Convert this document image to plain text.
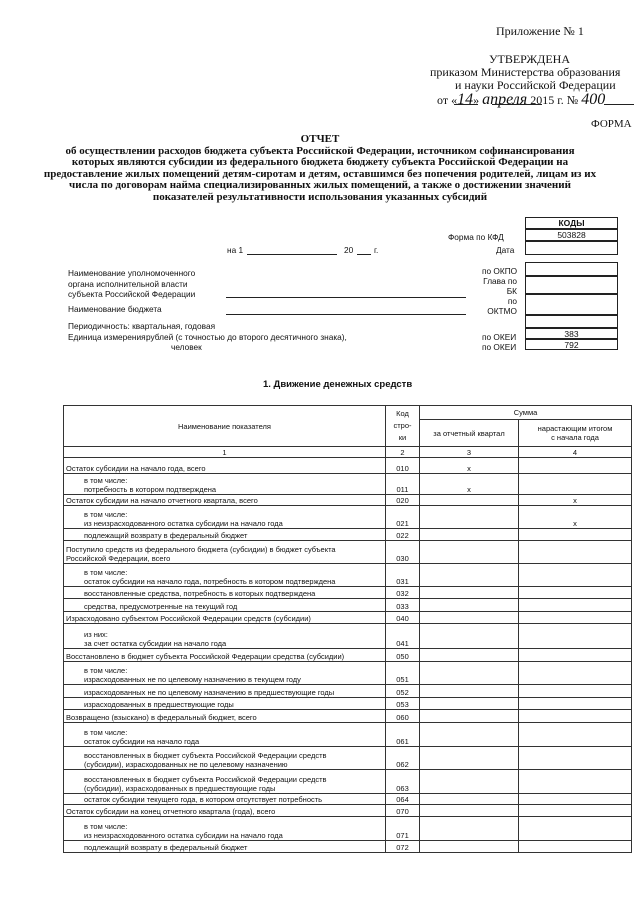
Приложение № 1
УТВЕРЖДЕНА
приказом Министерства образования
и науки Российской Федерации
от «14» апреля 2015 г. № 400
ФОРМА
ОТЧЕТ
об осуществлении расходов бюджета субъекта Российской Федерации, источником софинансирования
которых являются субсидии из федерального бюджета бюджету субъекта Российской Федерации на
предоставление жилых помещений детям-сиротам и детям, оставшимся без попечения родителей, лицам из их
числа по договорам найма специализированных жилых помещений, а также о достижении значений
показателей результативности использования указанных субсидий
КОДЫ
Форма по КФД	503828
Дата
на 1	20	г.
Наименование уполномоченного
органа исполнительной власти
субъекта Российской Федерации
Наименование бюджета
по ОКПО
Глава по
БК
по
ОКТМО
Периодичность: квартальная, годовая
Единица измерения:
рублей (с точностью до второго десятичного знака),
человек
по ОКЕИ	383
по ОКЕИ	792
1. Движение денежных средств
Наименование показателя	Код
стро-
ки	Сумма	
		за отчетный квартал	нарастающим итогом
с начала года

1	2	3	4

Остаток субсидии на начало года, всего	010	x	

в том числе:
потребность в котором подтверждена	011	x	

Остаток субсидии на начало отчетного квартала, всего	020		x

в том числе:
из неизрасходованного остатка субсидии на начало года	021		x

подлежащий возврату в федеральный бюджет	022		

Поступило средств из федерального бюджета (субсидии) в бюджет субъекта
Российской Федерации, всего	030		

в том числе:
остаток субсидии на начало года, потребность в котором подтверждена	031		

восстановленные средства, потребность в которых подтверждена	032		

средства, предусмотренные на текущий год	033		

Израсходовано субъектом Российской Федерации средств (субсидии)	040		

из них:
за счет остатка субсидии на начало года	041		

Восстановлено в бюджет субъекта Российской Федерации средства (субсидии)	050		

в том числе:
израсходованных не по целевому назначению в текущем году	051		

израсходованных не по целевому назначению в предшествующие годы	052		

израсходованных в предшествующие годы	053		

Возвращено (взыскано) в федеральный бюджет, всего	060		

в том числе:
остаток субсидии на начало года	061		

восстановленных в бюджет субъекта Российской Федерации средств
(субсидии), израсходованных не по целевому назначению	062		

восстановленных в бюджет субъекта Российской Федерации средств
(субсидии), израсходованных в предшествующие годы	063		

остаток субсидии текущего года, в котором отсутствует потребность	064		

Остаток субсидии на конец отчетного квартала (года), всего	070		

в том числе:
из неизрасходованного остатка субсидии на начало года	071		

подлежащий возврату в федеральный бюджет	072		
